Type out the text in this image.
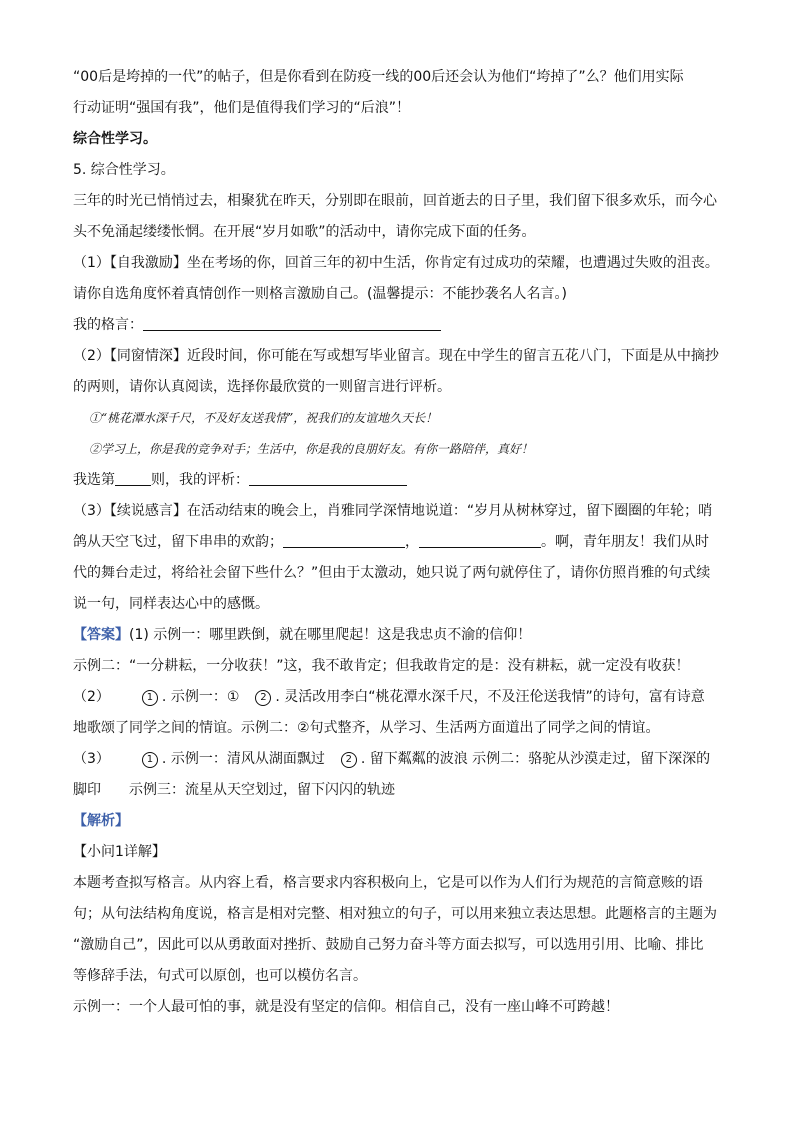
“00后是垮掉的一代”的帖子，但是你看到在防疫一线的00后还会认为他们“垮掉了”么？他们用实际

行动证明“强国有我”，他们是值得我们学习的“后浪”！

综合性学习。

5. 综合性学习。

三年的时光已悄悄过去，相聚犹在昨天，分别即在眼前，回首逝去的日子里，我们留下很多欢乐，而今心

头不免涌起缕缕怅惘。在开展“岁月如歌”的活动中，请你完成下面的任务。

（1）【自我激励】坐在考场的你，回首三年的初中生活，你肯定有过成功的荣耀，也遭遇过失败的沮丧。

请你自选角度怀着真情创作一则格言激励自己。(温馨提示：不能抄袭名人名言。)

我的格言：

（2）【同窗情深】近段时间，你可能在写或想写毕业留言。现在中学生的留言五花八门，下面是从中摘抄

的两则，请你认真阅读，选择你最欣赏的一则留言进行评析。

①“桃花潭水深千尺，不及好友送我情”，祝我们的友谊地久天长！

②学习上，你是我的竞争对手；生活中，你是我的良朋好友。有你一路陪伴，真好！

我选第	则，我的评析：

（3）【续说感言】在活动结束的晚会上，肖雅同学深情地说道：“岁月从树林穿过，留下圈圈的年轮；哨

鸽从天空飞过，留下串串的欢韵；	，	。啊，青年朋友！我们从时

代的舞台走过，将给社会留下些什么？”但由于太激动，她只说了两句就停住了，请你仿照肖雅的句式续

说一句，同样表达心中的感慨。

【答案】(1) 示例一：哪里跌倒，就在哪里爬起！这是我忠贞不渝的信仰！

示例二：“一分耕耘，一分收获！”这，我不敢肯定；但我敢肯定的是：没有耕耘，就一定没有收获！

（2）	1 . 示例一：① 2 . 灵活改用李白“桃花潭水深千尺，不及汪伦送我情”的诗句，富有诗意

地歌颂了同学之间的情谊。示例二：②句式整齐，从学习、生活两方面道出了同学之间的情谊。

（3）	1 . 示例一：清风从湖面飘过 2 . 留下粼粼的波浪 示例二：骆驼从沙漠走过，留下深深的

脚印 示例三：流星从天空划过，留下闪闪的轨迹

【解析】

【小问1详解】

本题考查拟写格言。从内容上看，格言要求内容积极向上，它是可以作为人们行为规范的言简意赅的语

句；从句法结构角度说，格言是相对完整、相对独立的句子，可以用来独立表达思想。此题格言的主题为

“激励自己”，因此可以从勇敢面对挫折、鼓励自己努力奋斗等方面去拟写，可以选用引用、比喻、排比

等修辞手法，句式可以原创，也可以模仿名言。

示例一：一个人最可怕的事，就是没有坚定的信仰。相信自己，没有一座山峰不可跨越！
